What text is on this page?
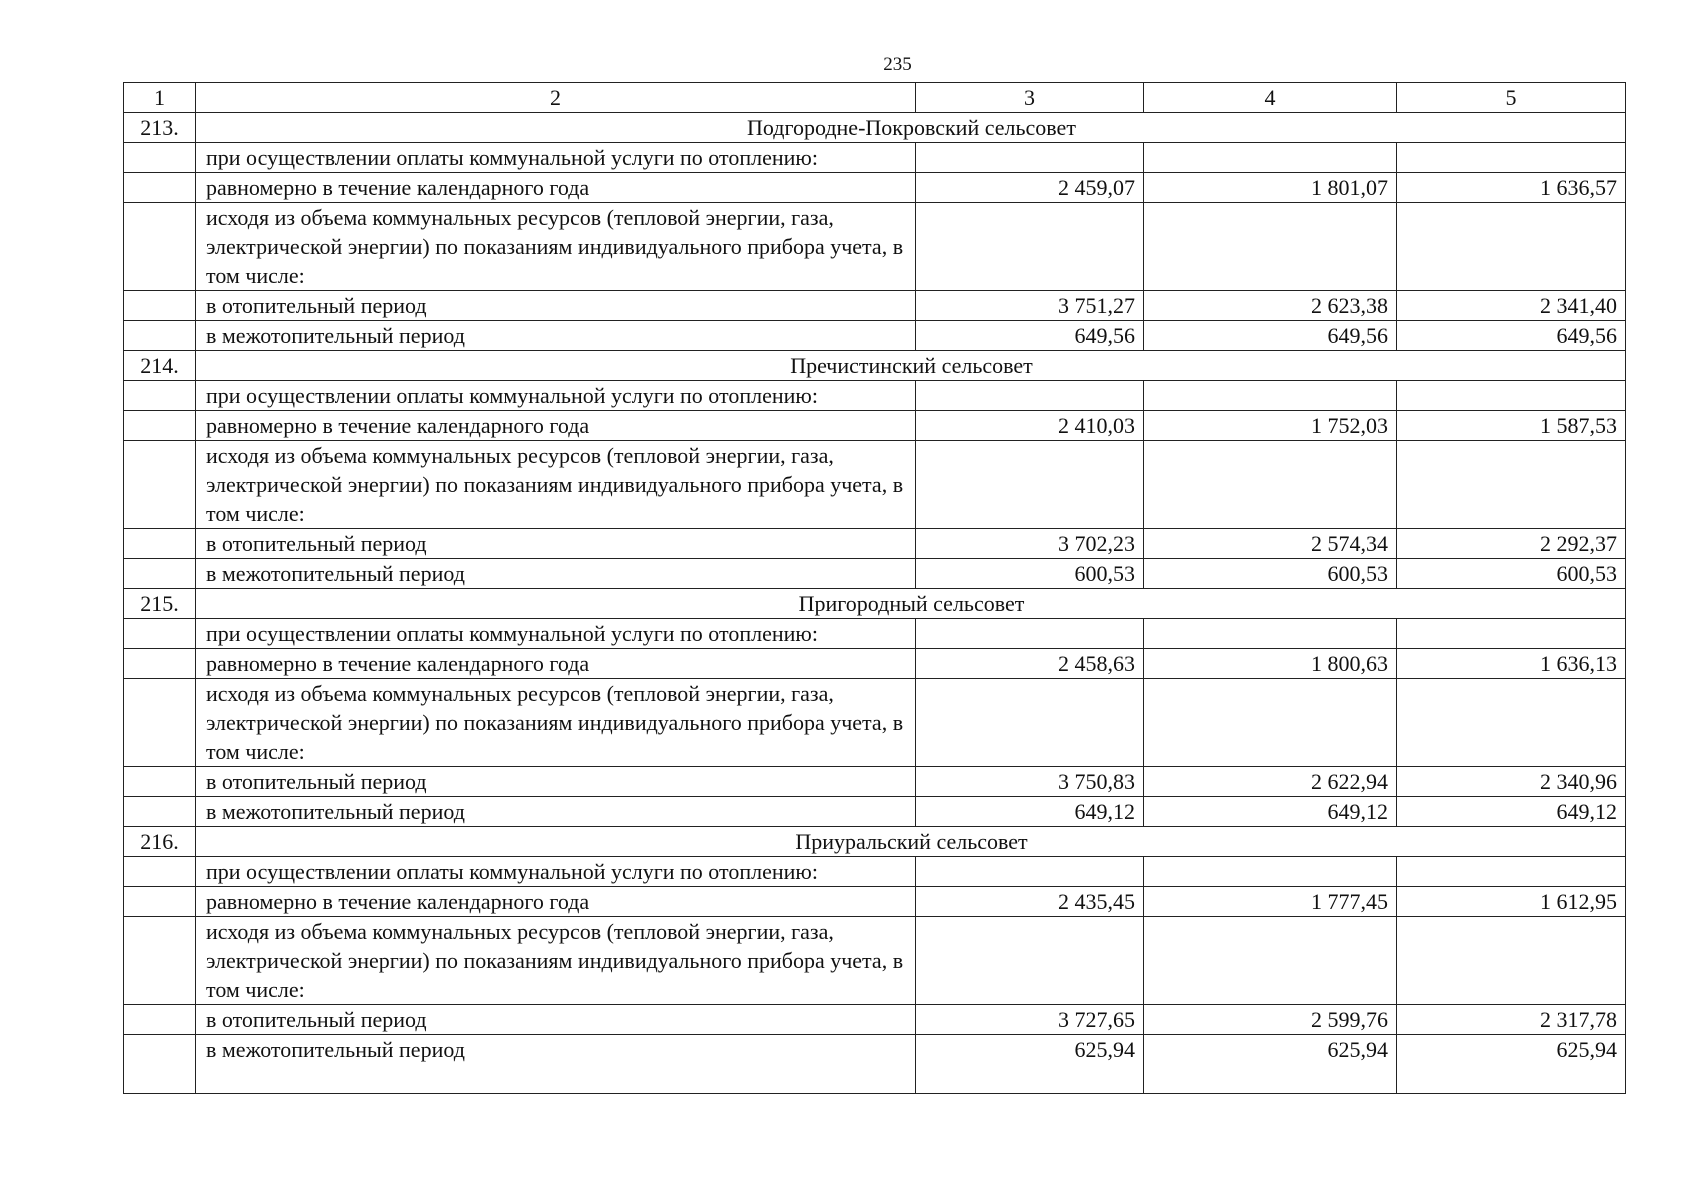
235
1	2	3	4	5
213.	Подгородне-Покровский сельсовет			
	при осуществлении оплаты коммунальной услуги по отоплению:			
	равномерно в течение календарного года	2 459,07	1 801,07	1 636,57
	исходя из объема коммунальных ресурсов (тепловой энергии, газа, электрической энергии) по показаниям индивидуального прибора учета, в том числе:			
	в отопительный период	3 751,27	2 623,38	2 341,40
	в межотопительный период	649,56	649,56	649,56
214.	Пречистинский сельсовет			
	при осуществлении оплаты коммунальной услуги по отоплению:			
	равномерно в течение календарного года	2 410,03	1 752,03	1 587,53
	исходя из объема коммунальных ресурсов (тепловой энергии, газа, электрической энергии) по показаниям индивидуального прибора учета, в том числе:			
	в отопительный период	3 702,23	2 574,34	2 292,37
	в межотопительный период	600,53	600,53	600,53
215.	Пригородный сельсовет			
	при осуществлении оплаты коммунальной услуги по отоплению:			
	равномерно в течение календарного года	2 458,63	1 800,63	1 636,13
	исходя из объема коммунальных ресурсов (тепловой энергии, газа, электрической энергии) по показаниям индивидуального прибора учета, в том числе:			
	в отопительный период	3 750,83	2 622,94	2 340,96
	в межотопительный период	649,12	649,12	649,12
216.	Приуральский сельсовет			
	при осуществлении оплаты коммунальной услуги по отоплению:			
	равномерно в течение календарного года	2 435,45	1 777,45	1 612,95
	исходя из объема коммунальных ресурсов (тепловой энергии, газа, электрической энергии) по показаниям индивидуального прибора учета, в том числе:			
	в отопительный период	3 727,65	2 599,76	2 317,78
	в межотопительный период	625,94	625,94	625,94
